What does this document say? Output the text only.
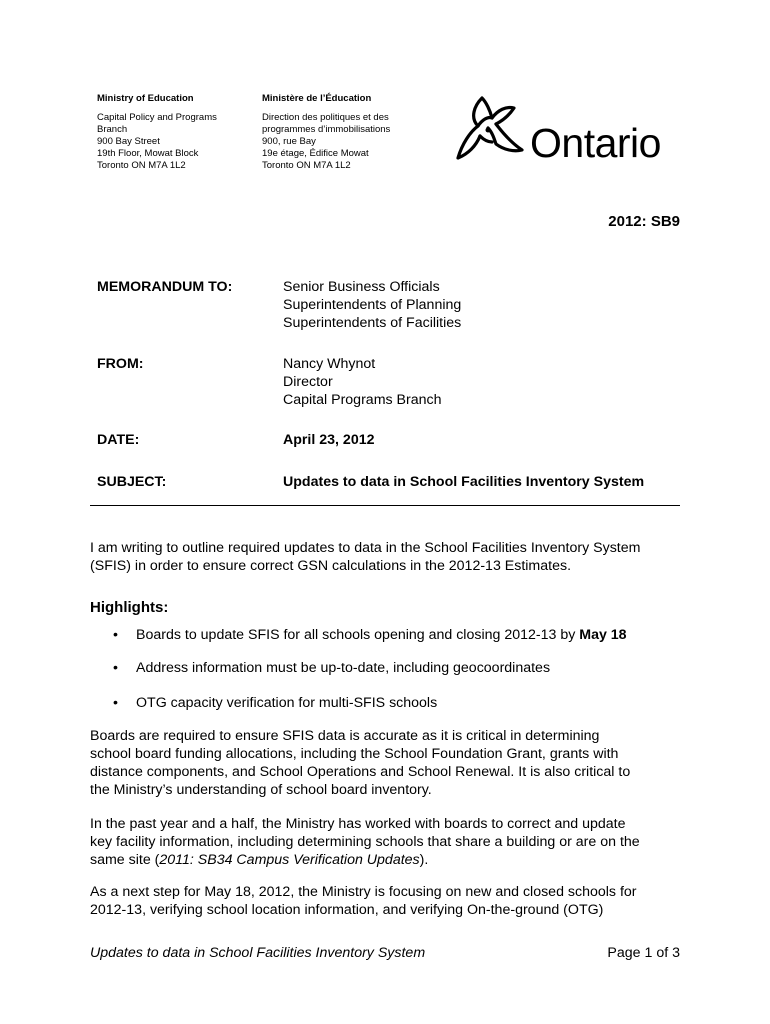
Ministry of Education
Capital Policy and Programs
Branch
900 Bay Street
19th Floor, Mowat Block
Toronto ON M7A 1L2
Ministère de l’Éducation
Direction des politiques et des
programmes d’immobilisations
900, rue Bay
19e étage, Édifice Mowat
Toronto ON M7A 1L2	Ontario
2012: SB9
MEMORANDUM TO:	Senior Business Officials
Superintendents of Planning
Superintendents of Facilities
FROM:	Nancy Whynot
Director
Capital Programs Branch
DATE:	April 23, 2012
SUBJECT:	Updates to data in School Facilities Inventory System
I am writing to outline required updates to data in the School Facilities Inventory System
(SFIS) in order to ensure correct GSN calculations in the 2012-13 Estimates.
Highlights:
•	Boards to update SFIS for all schools opening and closing 2012-13 by May 18
•	Address information must be up-to-date, including geocoordinates
•	OTG capacity verification for multi-SFIS schools
Boards are required to ensure SFIS data is accurate as it is critical in determining
school board funding allocations, including the School Foundation Grant, grants with
distance components, and School Operations and School Renewal. It is also critical to
the Ministry’s understanding of school board inventory.
In the past year and a half, the Ministry has worked with boards to correct and update
key facility information, including determining schools that share a building or are on the
same site (2011: SB34 Campus Verification Updates).
As a next step for May 18, 2012, the Ministry is focusing on new and closed schools for
2012-13, verifying school location information, and verifying On-the-ground (OTG)
Updates to data in School Facilities Inventory System	Page 1 of 3
